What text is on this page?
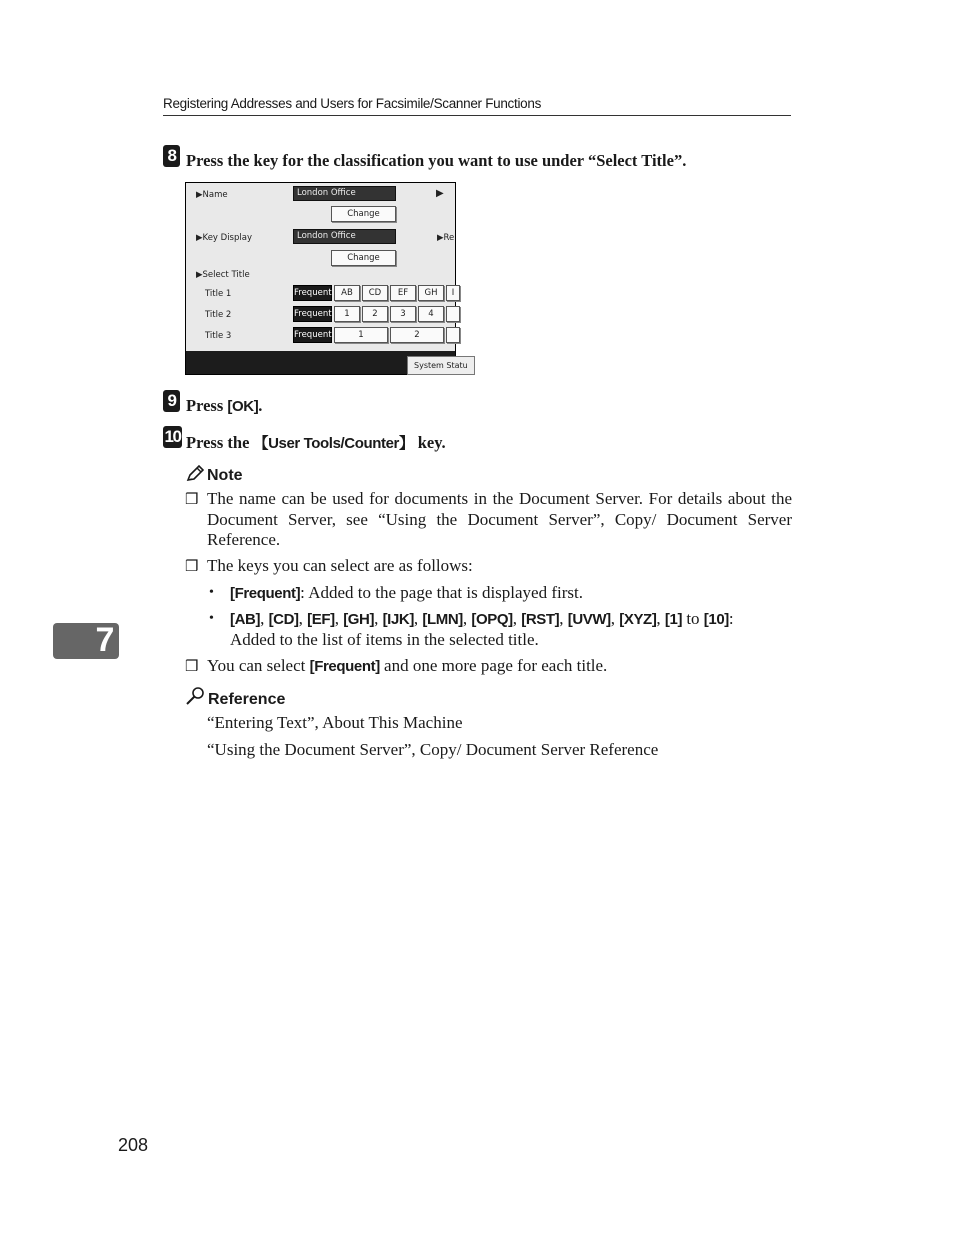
Registering Addresses and Users for Facsimile/Scanner Functions
8 Press the key for the classification you want to use under “Select Title”.
▶Name	London Office	▶
Change
▶Key Display	London Office	▶Re
Change
▶Select Title
Title 1	Frequent	AB	CD	EF	GH	I
Title 2	Frequent	1	2	3	4
Title 3	Frequent	1	2
System Statu
9 Press [OK].
10 Press the 【User Tools/Counter】 key.
Note
❒ The name can be used for documents in the Document Server. For details about the Document Server, see “Using the Document Server”, Copy/ Document Server Reference.
❒ The keys you can select are as follows:
• [Frequent]: Added to the page that is displayed first.
• [AB], [CD], [EF], [GH], [IJK], [LMN], [OPQ], [RST], [UVW], [XYZ], [1] to [10]:
Added to the list of items in the selected title.
❒ You can select [Frequent] and one more page for each title.
Reference
“Entering Text”, About This Machine
“Using the Document Server”, Copy/ Document Server Reference
7
208
